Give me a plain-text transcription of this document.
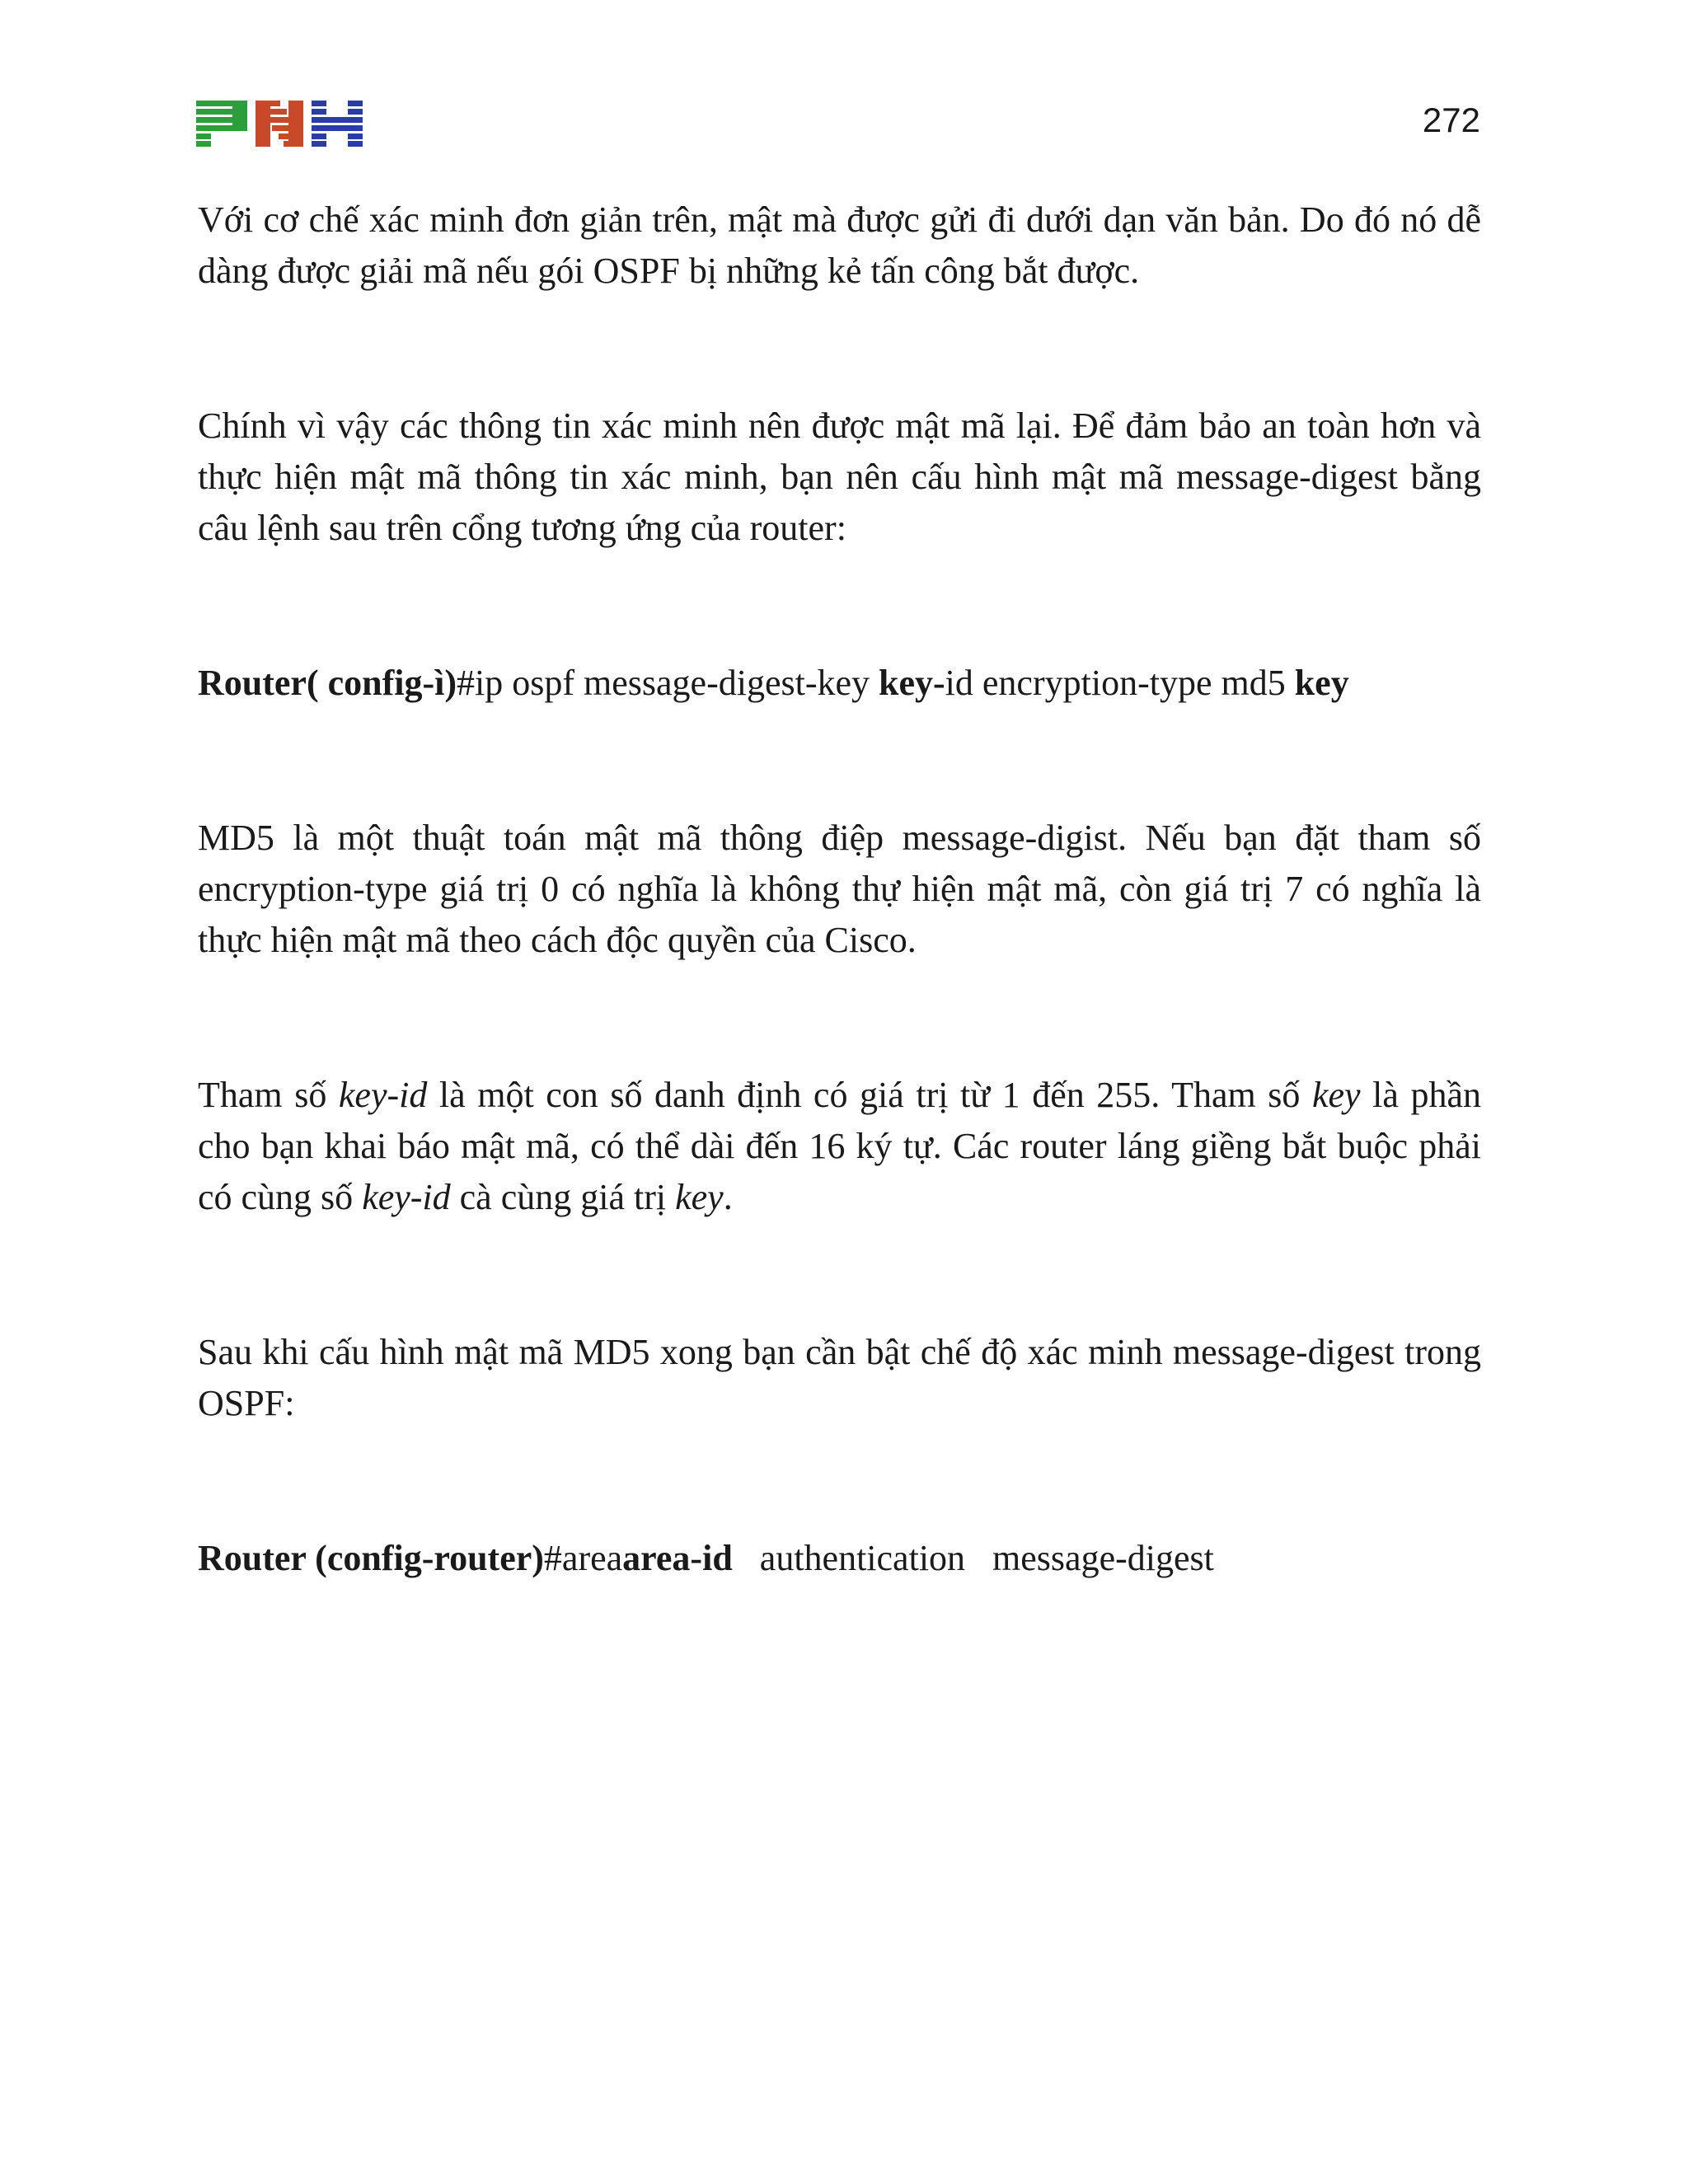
272

Với cơ chế xác minh đơn giản trên, mật mà được gửi đi dưới dạn văn bản. Do đó nó dễ dàng được giải mã nếu gói OSPF bị những kẻ tấn công bắt được.

Chính vì vậy các thông tin xác minh nên được mật mã lại. Để đảm bảo an toàn hơn và thực hiện mật mã thông tin xác minh, bạn nên cấu hình mật mã message-digest bằng câu lệnh sau trên cổng tương ứng của router:

Router( config-ì)#ip ospf message-digest-key key-id encryption-type md5 key

MD5 là một thuật toán mật mã thông điệp message-digist. Nếu bạn đặt tham số encryption-type giá trị 0 có nghĩa là không thự hiện mật mã, còn giá trị 7 có nghĩa là thực hiện mật mã theo cách độc quyền của Cisco.

Tham số key-id là một con số danh định có giá trị từ 1 đến 255. Tham số key là phần cho bạn khai báo mật mã, có thể dài đến 16 ký tự. Các router láng giềng bắt buộc phải có cùng số key-id cà cùng giá trị key.

Sau khi cấu hình mật mã MD5 xong bạn cần bật chế độ xác minh message-digest trong OSPF:

Router (config-router)#areaarea-id   authentication   message-digest
